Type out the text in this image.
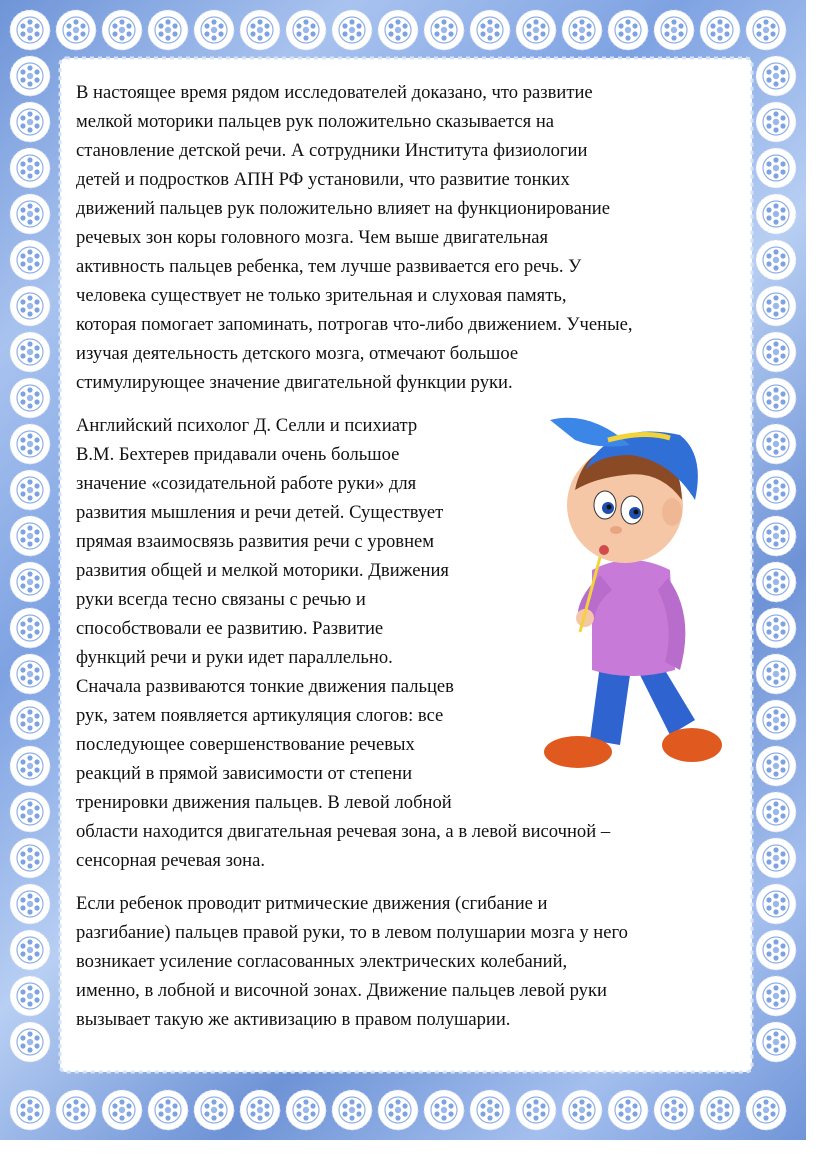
В настоящее время рядом исследователей доказано, что развитие
мелкой моторики пальцев рук положительно сказывается на
становление детской речи. А сотрудники Института физиологии
детей и подростков АПН РФ установили, что развитие тонких
движений пальцев рук положительно влияет на функционирование
речевых зон коры головного мозга. Чем выше двигательная
активность пальцев ребенка, тем лучше развивается его речь. У
человека существует не только зрительная и слуховая память,
которая помогает запоминать, потрогав что-либо движением. Ученые,
изучая деятельность детского мозга, отмечают большое
стимулирующее значение двигательной функции руки.

Английский психолог Д. Селли и психиатр
В.М. Бехтерев придавали очень большое
значение «созидательной работе руки» для
развития мышления и речи детей. Существует
прямая взаимосвязь развития речи с уровнем
развития общей и мелкой моторики. Движения
руки всегда тесно связаны с речью и
способствовали ее развитию. Развитие
функций речи и руки идет параллельно.
Сначала развиваются тонкие движения пальцев
рук, затем появляется артикуляция слогов: все
последующее совершенствование речевых
реакций в прямой зависимости от степени
тренировки движения пальцев. В левой лобной
области находится двигательная речевая зона, а в левой височной –
сенсорная речевая зона.

Если ребенок проводит ритмические движения (сгибание и
разгибание) пальцев правой руки, то в левом полушарии мозга у него
возникает усиление согласованных электрических колебаний,
именно, в лобной и височной зонах. Движение пальцев левой руки
вызывает такую же активизацию в правом полушарии.
